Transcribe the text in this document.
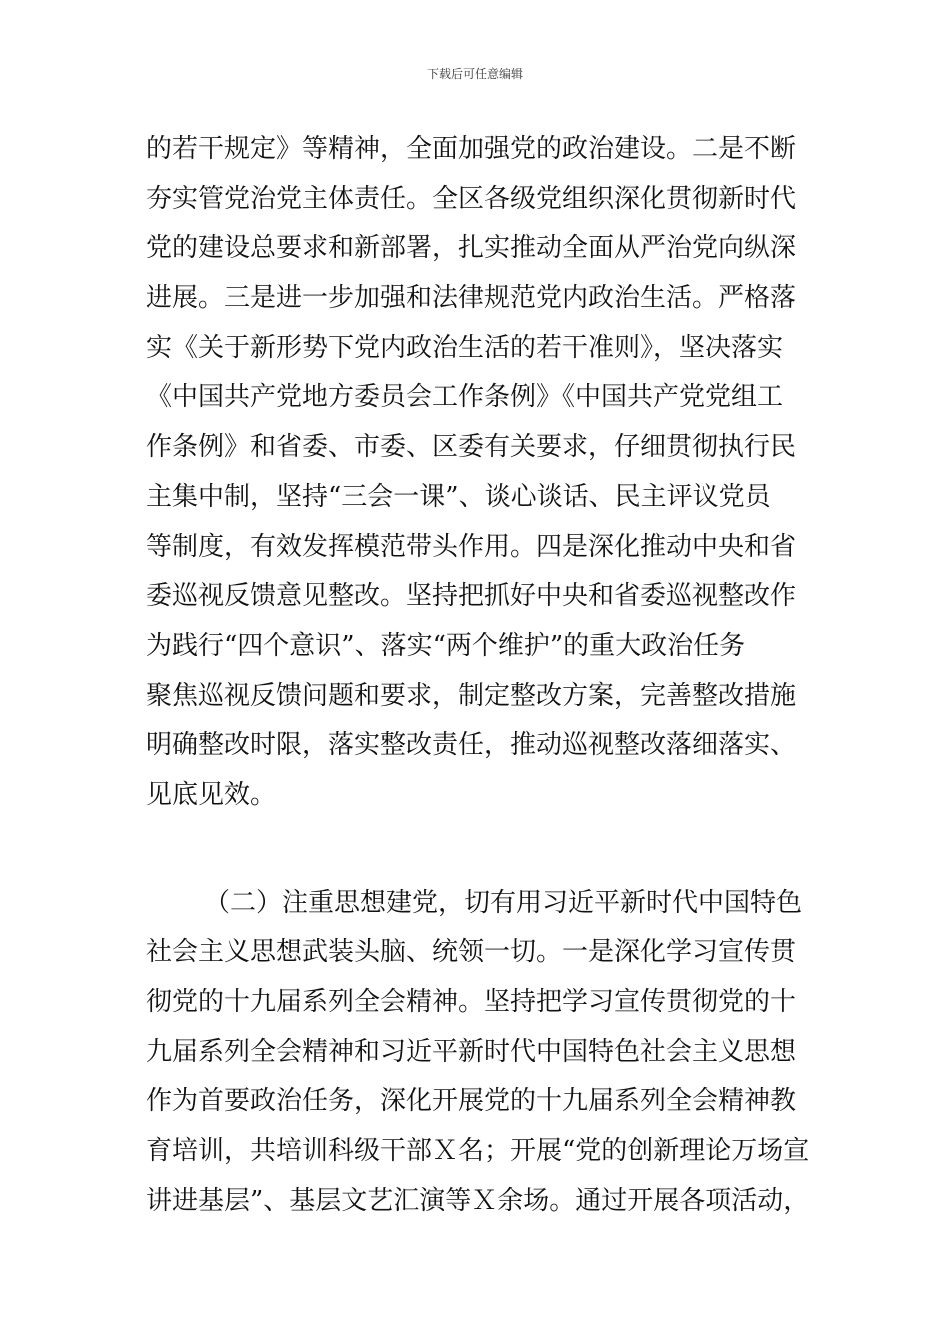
下载后可任意编辑
的若干规定》等精神，全面加强党的政治建设。二是不断
夯实管党治党主体责任。全区各级党组织深化贯彻新时代
党的建设总要求和新部署，扎实推动全面从严治党向纵深
进展。三是进一步加强和法律规范党内政治生活。严格落
实《关于新形势下党内政治生活的若干准则》，坚决落实
《中国共产党地方委员会工作条例》《中国共产党党组工
作条例》和省委、市委、区委有关要求，仔细贯彻执行民
主集中制，坚持“三会一课”、谈心谈话、民主评议党员
等制度，有效发挥模范带头作用。四是深化推动中央和省
委巡视反馈意见整改。坚持把抓好中央和省委巡视整改作
为践行“四个意识”、落实“两个维护”的重大政治任务
聚焦巡视反馈问题和要求，制定整改方案，完善整改措施
明确整改时限，落实整改责任，推动巡视整改落细落实、
见底见效。
（二）注重思想建党，切有用习近平新时代中国特色
社会主义思想武装头脑、统领一切。一是深化学习宣传贯
彻党的十九届系列全会精神。坚持把学习宣传贯彻党的十
九届系列全会精神和习近平新时代中国特色社会主义思想
作为首要政治任务，深化开展党的十九届系列全会精神教
育培训，共培训科级干部Ｘ名；开展“党的创新理论万场宣
讲进基层”、基层文艺汇演等Ｘ余场。通过开展各项活动，
